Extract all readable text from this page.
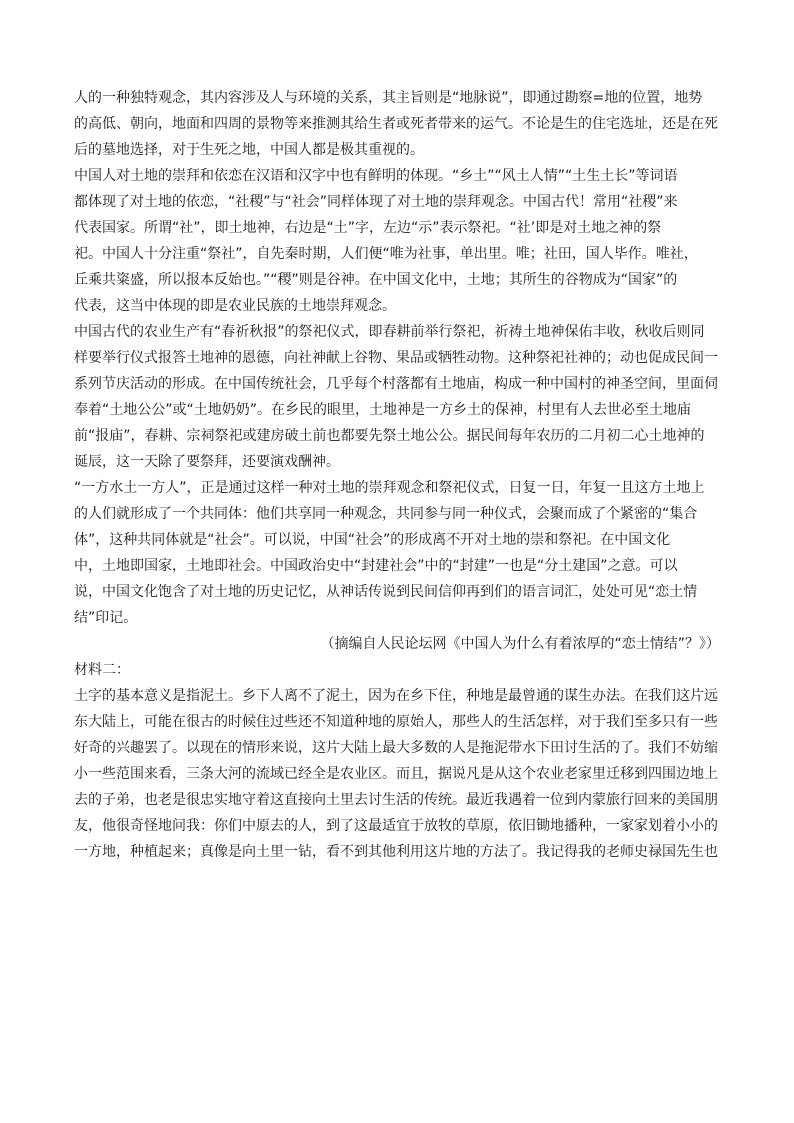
人的一种独特观念，其内容涉及人与环境的关系，其主旨则是“地脉说”，即通过勘察=地的位置，地势
的高低、朝向，地面和四周的景物等来推测其给生者或死者带来的运气。不论是生的住宅选址，还是在死
后的墓地选择，对于生死之地，中国人都是极其重视的。
中国人对土地的崇拜和依恋在汉语和汉字中也有鲜明的体现。“乡土”“风土人情”“土生土长”等词语
都体现了对土地的依恋，“社稷”与“社会”同样体现了对土地的崇拜观念。中国古代！常用“社稷”来
代表国家。所谓“社”，即土地神，右边是“土”字，左边“示”表示祭祀。“社’即是对土地之神的祭
祀。中国人十分注重“祭社”，自先秦时期，人们便“唯为社事，单出里。唯；社田，国人毕作。唯社，
丘乘共粢盛，所以报本反始也。”“稷”则是谷神。在中国文化中，土地；其所生的谷物成为“国家”的
代表，这当中体现的即是农业民族的土地崇拜观念。
中国古代的农业生产有“春祈秋报”的祭祀仪式，即春耕前举行祭祀，祈祷土地神保佑丰收，秋收后则同
样要举行仪式报答土地神的恩德，向社神献上谷物、果品或牺牲动物。这种祭祀社神的；动也促成民间一
系列节庆活动的形成。在中国传统社会，几乎每个村落都有土地庙，构成一种中国村的神圣空间，里面伺
奉着“土地公公”或“土地奶奶”。在乡民的眼里，土地神是一方乡土的保神，村里有人去世必至土地庙
前“报庙”，春耕、宗祠祭祀或建房破土前也都要先祭土地公公。据民间每年农历的二月初二心土地神的
诞辰，这一天除了要祭拜，还要演戏酬神。
“一方水土一方人”，正是通过这样一种对土地的崇拜观念和祭祀仪式，日复一日，年复一且这方土地上
的人们就形成了一个共同体：他们共享同一种观念，共同参与同一种仪式，会聚而成了个紧密的“集合
体”，这种共同体就是“社会”。可以说，中国“社会”的形成离不开对土地的崇和祭祀。在中国文化
中，土地即国家，土地即社会。中国政治史中“封建社会”中的“封建”一也是“分土建国”之意。可以
说，中国文化饱含了对土地的历史记忆，从神话传说到民间信仰再到们的语言词汇，处处可见“恋土情
结”印记。
（摘编自人民论坛网《中国人为什么有着浓厚的“恋土情结”？》）
材料二：
土字的基本意义是指泥土。乡下人离不了泥土，因为在乡下住，种地是最曾通的谋生办法。在我们这片远
东大陆上，可能在很古的时候住过些还不知道种地的原始人，那些人的生活怎样，对于我们至多只有一些
好奇的兴趣罢了。以现在的情形来说，这片大陆上最大多数的人是拖泥带水下田讨生活的了。我们不妨缩
小一些范围来看，三条大河的流域已经全是农业区。而且，据说凡是从这个农业老家里迁移到四围边地上
去的子弟，也老是很忠实地守着这直接向土里去讨生活的传统。最近我遇着一位到内蒙旅行回来的美国朋
友，他很奇怪地问我：你们中原去的人，到了这最适宜于放牧的草原，依旧锄地播种，一家家划着小小的
一方地，种植起来；真像是向土里一钻，看不到其他利用这片地的方法了。我记得我的老师史禄国先生也
